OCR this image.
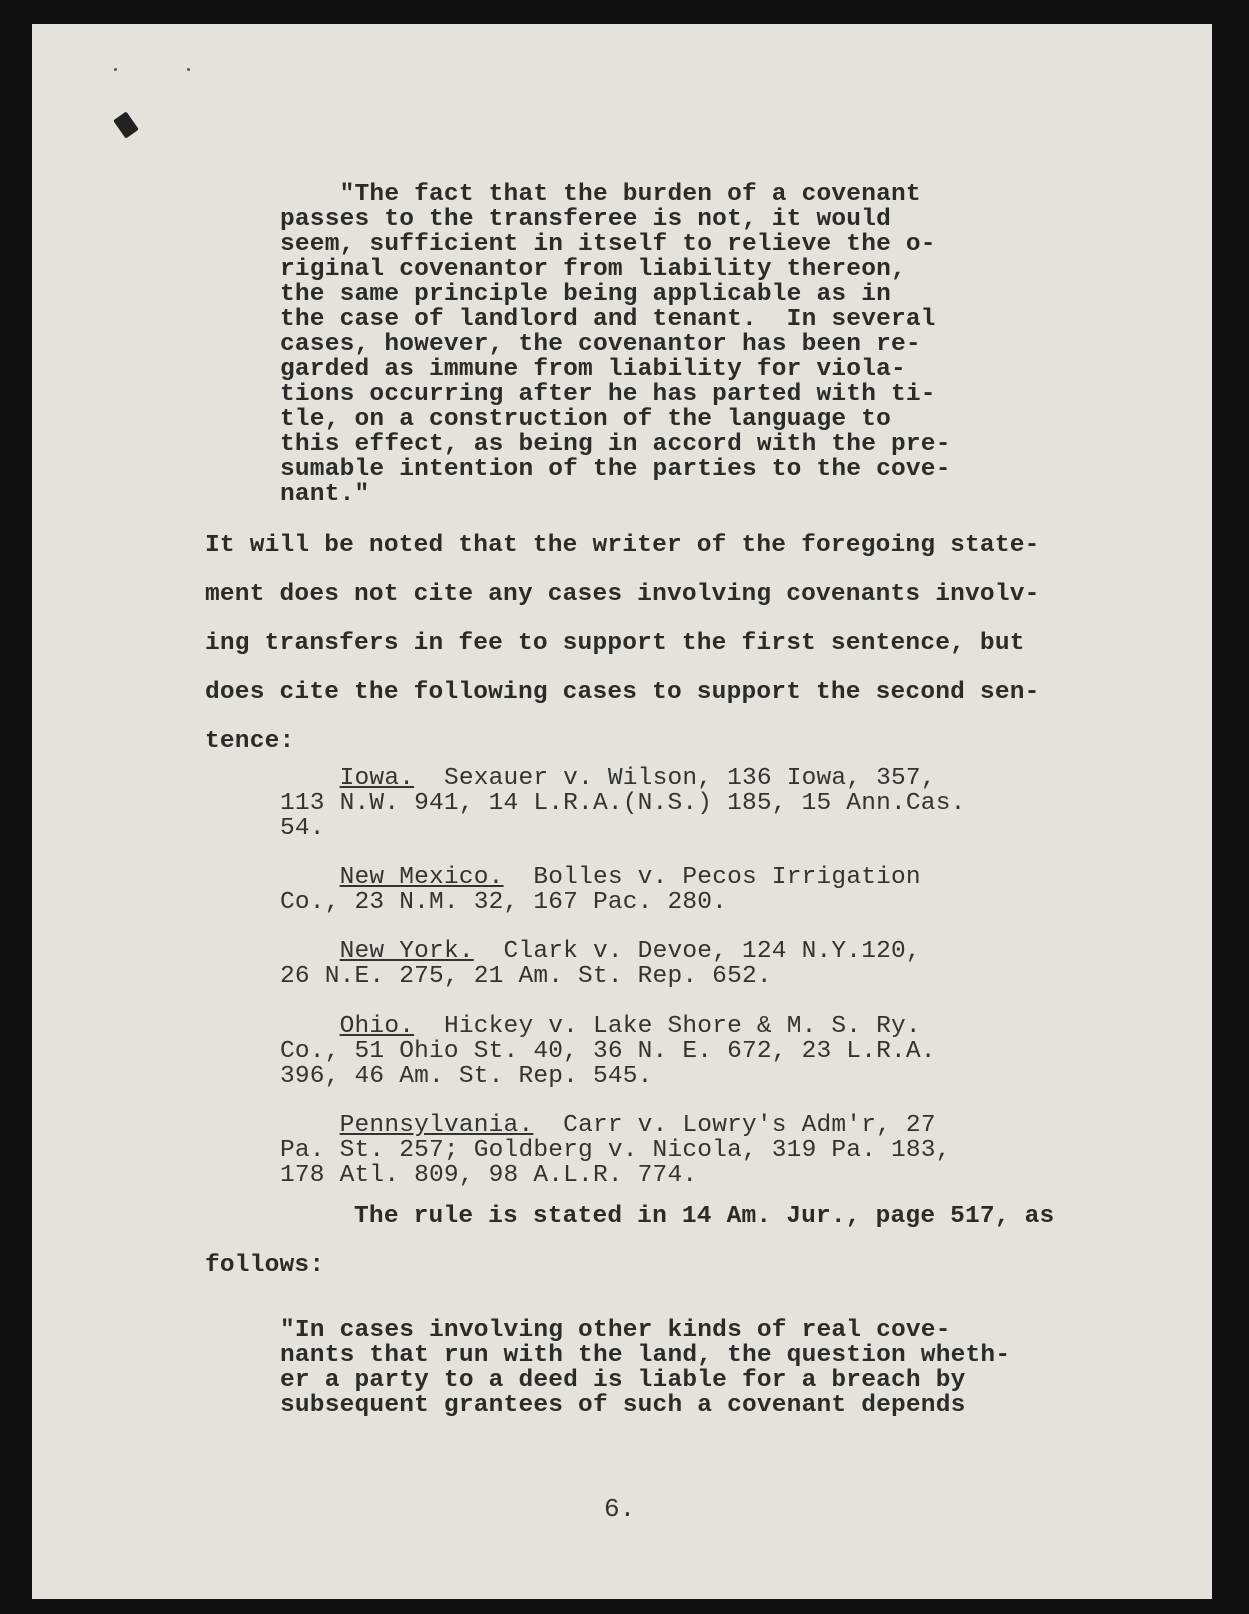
"The fact that the burden of a covenant
passes to the transferee is not, it would
seem, sufficient in itself to relieve the o-
riginal covenantor from liability thereon,
the same principle being applicable as in
the case of landlord and tenant.  In several
cases, however, the covenantor has been re-
garded as immune from liability for viola-
tions occurring after he has parted with ti-
tle, on a construction of the language to
this effect, as being in accord with the pre-
sumable intention of the parties to the cove-
nant."

It will be noted that the writer of the foregoing state-
ment does not cite any cases involving covenants involv-
ing transfers in fee to support the first sentence, but
does cite the following cases to support the second sen-
tence:

Iowa.  Sexauer v. Wilson, 136 Iowa, 357,
113 N.W. 941, 14 L.R.A.(N.S.) 185, 15 Ann.Cas.
54.

New Mexico.  Bolles v. Pecos Irrigation
Co., 23 N.M. 32, 167 Pac. 280.

New York.  Clark v. Devoe, 124 N.Y.120,
26 N.E. 275, 21 Am. St. Rep. 652.

Ohio.  Hickey v. Lake Shore & M. S. Ry.
Co., 51 Ohio St. 40, 36 N. E. 672, 23 L.R.A.
396, 46 Am. St. Rep. 545.

Pennsylvania.  Carr v. Lowry's Adm'r, 27
Pa. St. 257; Goldberg v. Nicola, 319 Pa. 183,
178 Atl. 809, 98 A.L.R. 774.

The rule is stated in 14 Am. Jur., page 517, as
follows:

"In cases involving other kinds of real cove-
nants that run with the land, the question wheth-
er a party to a deed is liable for a breach by
subsequent grantees of such a covenant depends

6.
